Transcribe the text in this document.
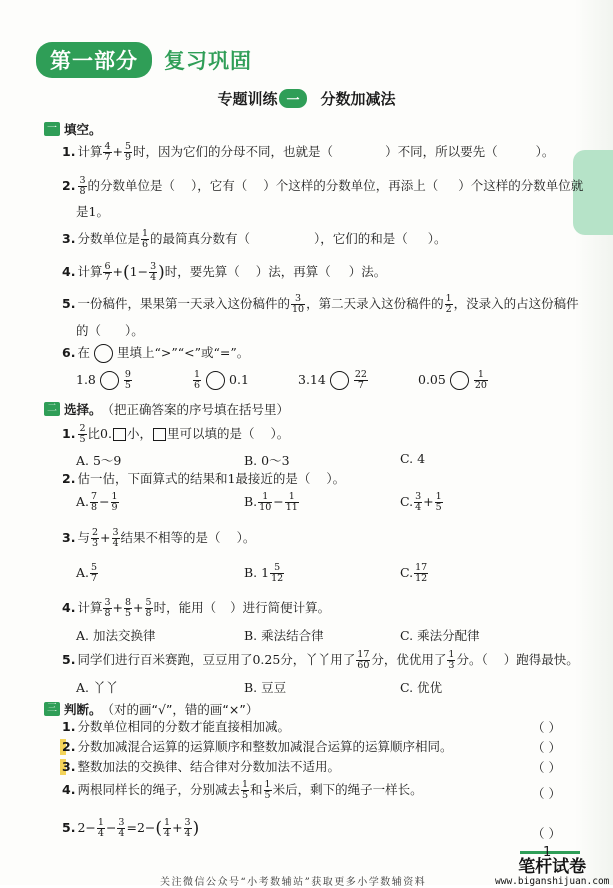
第一部分	复习巩固
专题训练 一 分数加减法
一 填空。
1. 计算 $\frac{4}{7} + \frac{5}{9}$ 时，因为它们的分母不同，也就是（	）不同，所以要先（	）。
2. $\frac{3}{8}$ 的分数单位是（ ），它有（ ）个这样的分数单位，再添上（ ）个这样的分数单位就
是1。
3. 分数单位是 $\frac{1}{6}$ 的最简真分数有（	），它们的和是（ ）。
4. 计算 $\frac{6}{7} +(1- \frac{3}{4}$ )时，要先算（ ）法，再算（ ）法。
5. 一份稿件，果果第一天录入这份稿件的 $\frac{3}{10}$ ，第二天录入这份稿件的 $\frac{1}{2}$ ，没录入的占这份稿件
的（ ）。
6. 在 里填上“>”“<”或“=”。
1.8	$\frac{9}{5}$	$\frac{1}{6} 0.1$	3.14	$\frac{22}{7}$	0.05	$\frac{1}{20}$
二 选择。 （把正确答案的序号填在括号里）
1. $\frac{2}{5}$ 比0. 小， 里可以填的是（ ）。
A. 5～9	B. 0～3	C. 4
2. 估一估，下面算式的结果和1最接近的是（ ）。
A. $\frac{7}{8} - \frac{1}{9}$	B. $\frac{1}{10} - \frac{1}{11}$	C. $\frac{3}{4} + \frac{1}{5}$
3. 与 $\frac{2}{3} + \frac{3}{4}$ 结果不相等的是（ ）。
A. $\frac{5}{7}$	B. $1 \frac{5}{12}$	C. $\frac{17}{12}$
4. 计算 $\frac{3}{8} + \frac{8}{5} + \frac{5}{8}$ 时，能用（ ）进行简便计算。
A. 加法交换律	B. 乘法结合律	C. 乘法分配律
5. 同学们进行百米赛跑，豆豆用了0.25分，丫丫用了 $\frac{17}{60}$ 分，优优用了 $\frac{1}{3}$ 分。（ ）跑得最快。
A. 丫丫	B. 豆豆	C. 优优
三 判断。 （对的画“√”，错的画“×”）
1. 分数单位相同的分数才能直接相加减。	（ ）
2. 分数加减混合运算的运算顺序和整数加减混合运算的运算顺序相同。	（ ）
3. 整数加法的交换律、结合律对分数加法不适用。	（ ）
4. 两根同样长的绳子，分别减去 $\frac{1}{5}$ 和 $\frac{1}{5}$ 米后，剩下的绳子一样长。	（ ）
5. $2- \frac{1}{4} - \frac{3}{4} =2-( \frac{1}{4} + \frac{3}{4}$ )	（ ）
1
笔杆试卷
www.biganshijuan.com
关注微信公众号“小考数辅站”获取更多小学数辅资料
